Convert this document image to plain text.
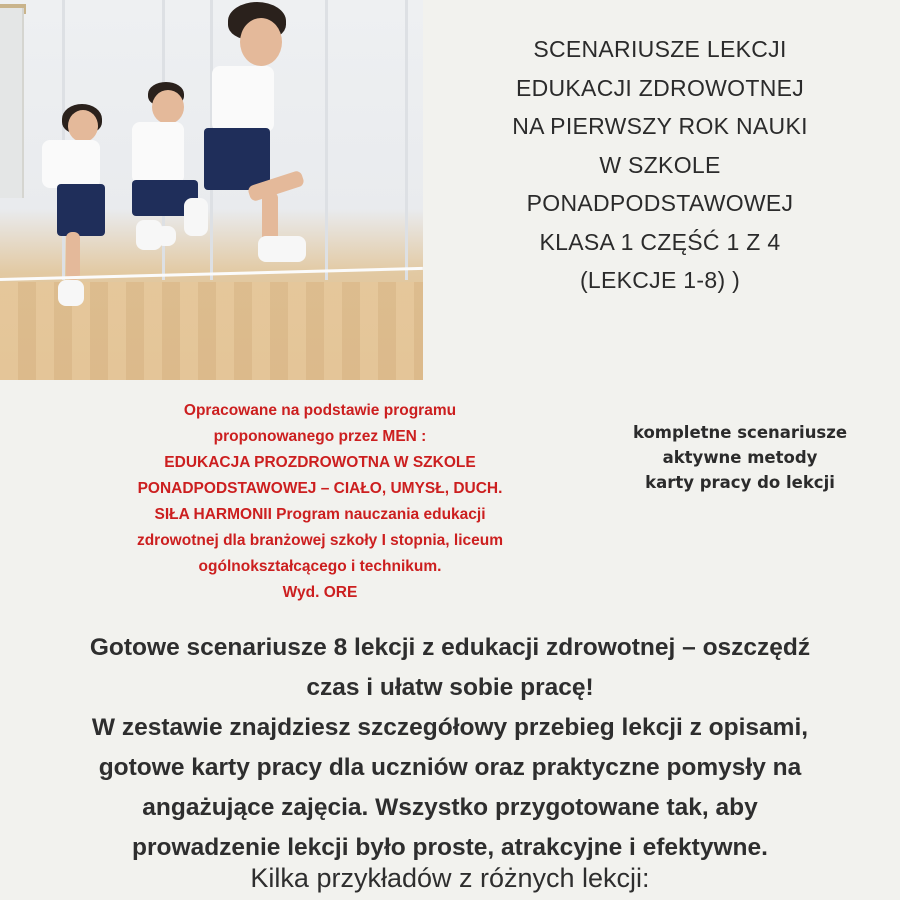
SCENARIUSZE LEKCJI
EDUKACJI ZDROWOTNEJ
NA PIERWSZY ROK NAUKI
W SZKOLE
PONADPODSTAWOWEJ
KLASA 1 CZĘŚĆ 1 Z 4
(LEKCJE 1-8) )
Opracowane na podstawie programu
proponowanego przez MEN :
EDUKACJA PROZDROWOTNA W SZKOLE
PONADPODSTAWOWEJ – CIAŁO, UMYSŁ, DUCH.
SIŁA HARMONII Program nauczania edukacji
zdrowotnej dla branżowej szkoły I stopnia, liceum
ogólnokształcącego i technikum.
Wyd. ORE
kompletne scenariusze
aktywne metody
karty pracy do lekcji
Gotowe scenariusze 8 lekcji z edukacji zdrowotnej – oszczędź
czas i ułatw sobie pracę!
W zestawie znajdziesz szczegółowy przebieg lekcji z opisami,
gotowe karty pracy dla uczniów oraz praktyczne pomysły na
angażujące zajęcia. Wszystko przygotowane tak, aby
prowadzenie lekcji było proste, atrakcyjne i efektywne.
Kilka przykładów z różnych lekcji:
